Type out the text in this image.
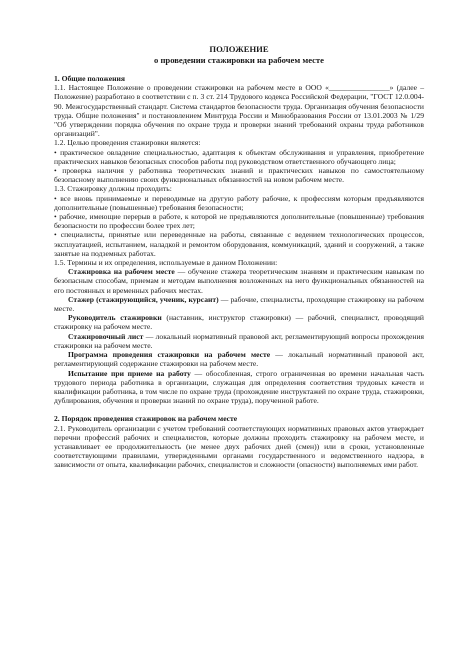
ПОЛОЖЕНИЕ
о проведении стажировки на рабочем месте
1. Общие положения

1.1. Настоящее Положение о проведении стажировки на рабочем месте в ООО «________________» (далее – Положение) разработано в соответствии с п. 3 ст. 214 Трудового кодекса Российской Федерации, "ГОСТ 12.0.004-90. Межгосударственный стандарт. Система стандартов безопасности труда. Организация обучения безопасности труда. Общие положения" и постановлением Минтруда России и Минобразования России от 13.01.2003 № 1/29 "Об утверждении порядка обучения по охране труда и проверки знаний требований охраны труда работников организаций".

1.2. Целью проведения стажировки является:

• практическое овладение специальностью, адаптация к объектам обслуживания и управления, приобретение практических навыков безопасных способов работы под руководством ответственного обучающего лица;

• проверка наличия у работника теоретических знаний и практических навыков по самостоятельному безопасному выполнению своих функциональных обязанностей на новом рабочем месте.

1.3. Стажировку должны проходить:

• все вновь принимаемые и переводимые на другую работу рабочие, к профессиям которым предъявляются дополнительные (повышенные) требования безопасности;

• рабочие, имеющие перерыв в работе, к которой не предъявляются дополнительные (повышенные) требования безопасности по профессии более трех лет;

• специалисты, принятые или переведенные на работы, связанные с ведением технологических процессов, эксплуатацией, испытанием, наладкой и ремонтом оборудования, коммуникаций, зданий и сооружений, а также занятые на подземных работах.

1.5. Термины и их определения, используемые в данном Положении:

Стажировка на рабочем месте — обучение стажера теоретическим знаниям и практическим навыкам по безопасным способам, приемам и методам выполнения возложенных на него функциональных обязанностей на его постоянных и временных рабочих местах.

Стажер (стажирующийся, ученик, курсант) — рабочие, специалисты, проходящие стажировку на рабочем месте.

Руководитель стажировки (наставник, инструктор стажировки) — рабочий, специалист, проводящий стажировку на рабочем месте.

Стажировочный лист — локальный нормативный правовой акт, регламентирующий вопросы прохождения стажировки на рабочем месте.

Программа проведения стажировки на рабочем месте — локальный нормативный правовой акт, регламентирующий содержание стажировки на рабочем месте.

Испытание при приеме на работу — обособленная, строго ограниченная во времени начальная часть трудового периода работника в организации, служащая для определения соответствия трудовых качеств и квалификации работника, в том числе по охране труда (прохождение инструктажей по охране труда, стажировки, дублирования, обучения и проверки знаний по охране труда), порученной работе.

2. Порядок проведения стажировок на рабочем месте

2.1. Руководитель организации с учетом требований соответствующих нормативных правовых актов утверждает перечни профессий рабочих и специалистов, которые должны проходить стажировку на рабочем месте, и устанавливает ее продолжительность (не менее двух рабочих дней (смен)) или в сроки, установленные соответствующими правилами, утвержденными органами государственного и ведомственного надзора, в зависимости от опыта, квалификации рабочих, специалистов и сложности (опасности) выполняемых ими работ.
